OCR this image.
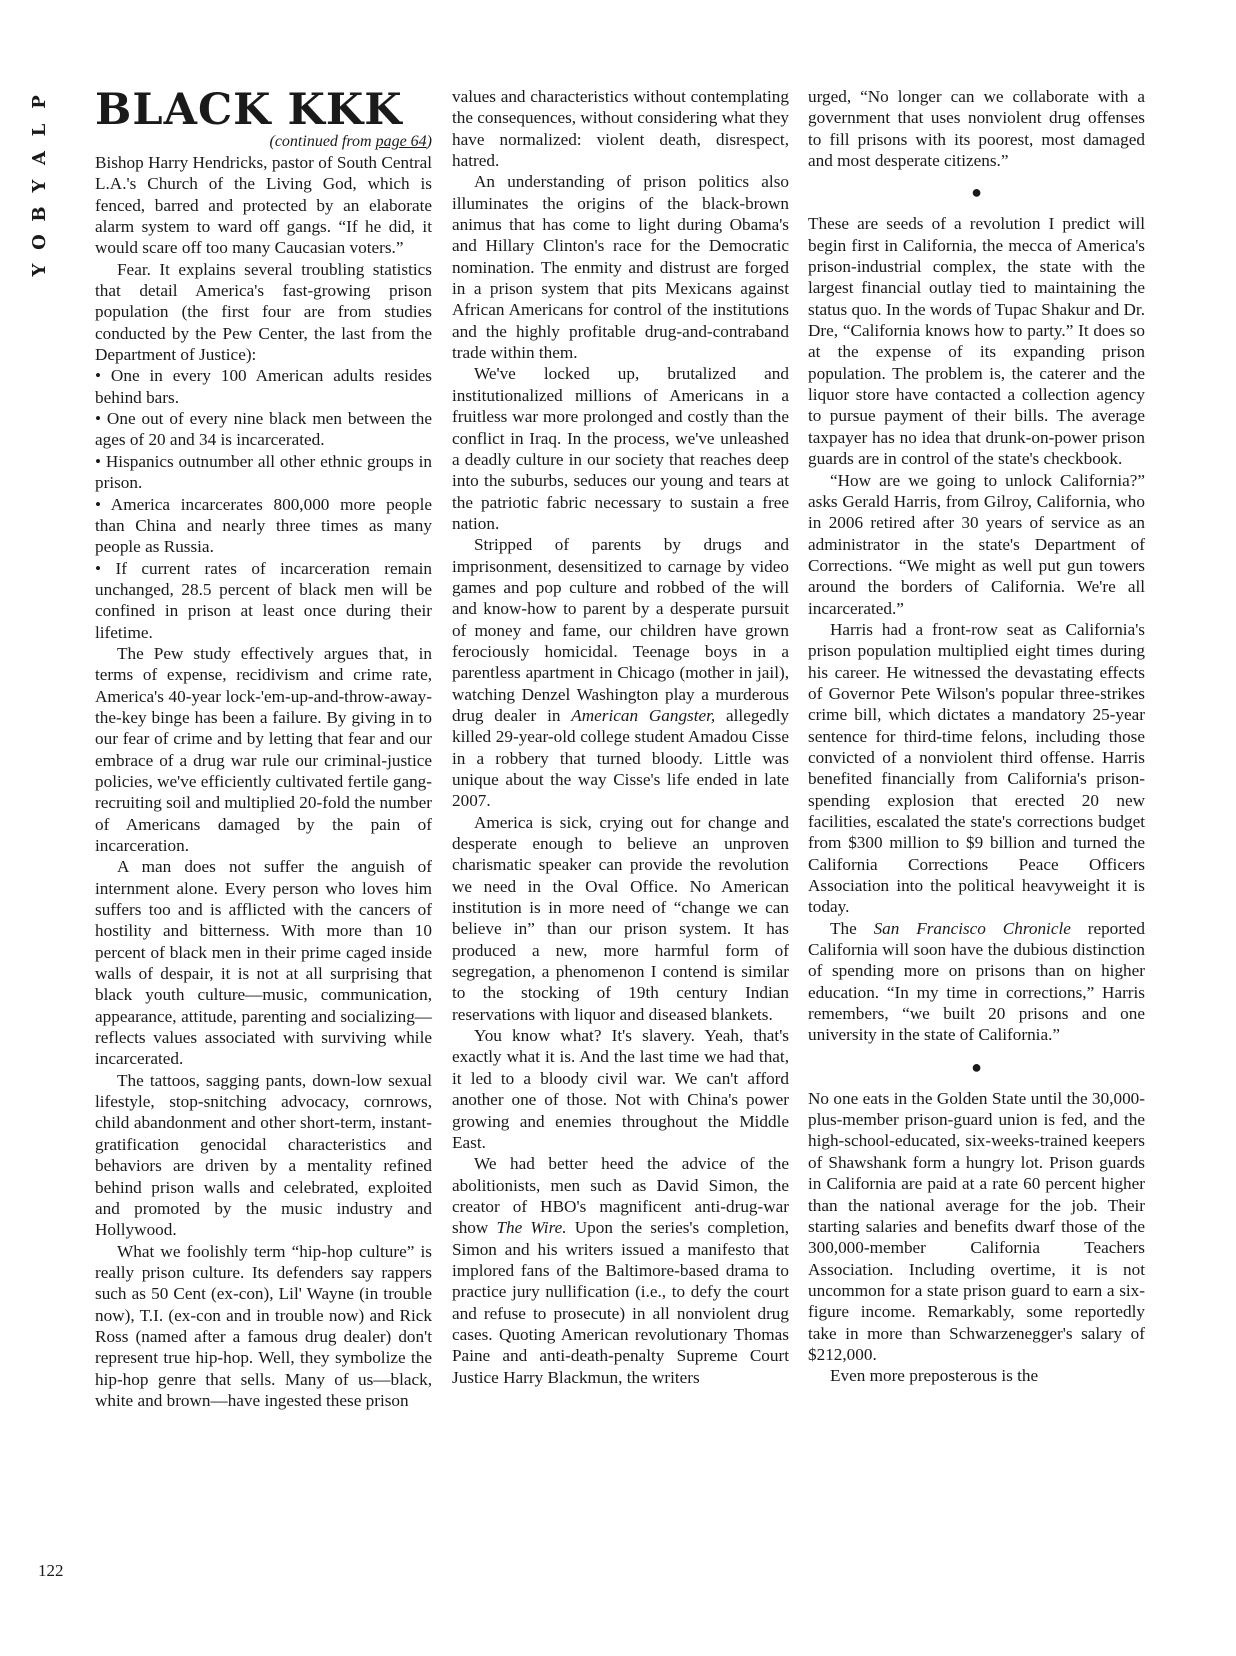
P
L
A
Y
B
O
Y
BLACK KKK
(continued from page 64)

Bishop Harry Hendricks, pastor of South Central L.A.'s Church of the Living God, which is fenced, barred and protected by an elaborate alarm system to ward off gangs. “If he did, it would scare off too many Caucasian voters.”

Fear. It explains several troubling statistics that detail America's fast-growing prison population (the first four are from studies conducted by the Pew Center, the last from the Department of Justice):

• One in every 100 American adults resides behind bars.

• One out of every nine black men between the ages of 20 and 34 is incarcerated.

• Hispanics outnumber all other ethnic groups in prison.

• America incarcerates 800,000 more people than China and nearly three times as many people as Russia.

• If current rates of incarceration remain unchanged, 28.5 percent of black men will be confined in prison at least once during their lifetime.

The Pew study effectively argues that, in terms of expense, recidivism and crime rate, America's 40-year lock-'em-up-and-throw-away-the-key binge has been a failure. By giving in to our fear of crime and by letting that fear and our embrace of a drug war rule our criminal-justice policies, we've efficiently cultivated fertile gang-recruiting soil and multiplied 20-fold the number of Americans damaged by the pain of incarceration.

A man does not suffer the anguish of internment alone. Every person who loves him suffers too and is afflicted with the cancers of hostility and bitterness. With more than 10 percent of black men in their prime caged inside walls of despair, it is not at all surprising that black youth culture—music, communication, appearance, attitude, parenting and socializing—reflects values associated with surviving while incarcerated.

The tattoos, sagging pants, down-low sexual lifestyle, stop-snitching advocacy, cornrows, child abandonment and other short-term, instant-gratification genocidal characteristics and behaviors are driven by a mentality refined behind prison walls and celebrated, exploited and promoted by the music industry and Hollywood.

What we foolishly term “hip-hop culture” is really prison culture. Its defenders say rappers such as 50 Cent (ex-con), Lil' Wayne (in trouble now), T.I. (ex-con and in trouble now) and Rick Ross (named after a famous drug dealer) don't represent true hip-hop. Well, they symbolize the hip-hop genre that sells. Many of us—black, white and brown—have ingested these prison

values and characteristics without contemplating the consequences, without considering what they have normalized: violent death, disrespect, hatred.

An understanding of prison politics also illuminates the origins of the black-brown animus that has come to light during Obama's and Hillary Clinton's race for the Democratic nomination. The enmity and distrust are forged in a prison system that pits Mexicans against African Americans for control of the institutions and the highly profitable drug-and-contraband trade within them.

We've locked up, brutalized and institutionalized millions of Americans in a fruitless war more prolonged and costly than the conflict in Iraq. In the process, we've unleashed a deadly culture in our society that reaches deep into the suburbs, seduces our young and tears at the patriotic fabric necessary to sustain a free nation.

Stripped of parents by drugs and imprisonment, desensitized to carnage by video games and pop culture and robbed of the will and know-how to parent by a desperate pursuit of money and fame, our children have grown ferociously homicidal. Teenage boys in a parentless apartment in Chicago (mother in jail), watching Denzel Washington play a murderous drug dealer in American Gangster, allegedly killed 29-year-old college student Amadou Cisse in a robbery that turned bloody. Little was unique about the way Cisse's life ended in late 2007.

America is sick, crying out for change and desperate enough to believe an unproven charismatic speaker can provide the revolution we need in the Oval Office. No American institution is in more need of “change we can believe in” than our prison system. It has produced a new, more harmful form of segregation, a phenomenon I contend is similar to the stocking of 19th century Indian reservations with liquor and diseased blankets.

You know what? It's slavery. Yeah, that's exactly what it is. And the last time we had that, it led to a bloody civil war. We can't afford another one of those. Not with China's power growing and enemies throughout the Middle East.

We had better heed the advice of the abolitionists, men such as David Simon, the creator of HBO's magnificent anti-drug-war show The Wire. Upon the series's completion, Simon and his writers issued a manifesto that implored fans of the Baltimore-based drama to practice jury nullification (i.e., to defy the court and refuse to prosecute) in all nonviolent drug cases. Quoting American revolutionary Thomas Paine and anti-death-penalty Supreme Court Justice Harry Blackmun, the writers

urged, “No longer can we collaborate with a government that uses nonviolent drug offenses to fill prisons with its poorest, most damaged and most desperate citizens.”

●

These are seeds of a revolution I predict will begin first in California, the mecca of America's prison-industrial complex, the state with the largest financial outlay tied to maintaining the status quo. In the words of Tupac Shakur and Dr. Dre, “California knows how to party.” It does so at the expense of its expanding prison population. The problem is, the caterer and the liquor store have contacted a collection agency to pursue payment of their bills. The average taxpayer has no idea that drunk-on-power prison guards are in control of the state's checkbook.

“How are we going to unlock California?” asks Gerald Harris, from Gilroy, California, who in 2006 retired after 30 years of service as an administrator in the state's Department of Corrections. “We might as well put gun towers around the borders of California. We're all incarcerated.”

Harris had a front-row seat as California's prison population multiplied eight times during his career. He witnessed the devastating effects of Governor Pete Wilson's popular three-strikes crime bill, which dictates a mandatory 25-year sentence for third-time felons, including those convicted of a nonviolent third offense. Harris benefited financially from California's prison-spending explosion that erected 20 new facilities, escalated the state's corrections budget from $300 million to $9 billion and turned the California Corrections Peace Officers Association into the political heavyweight it is today.

The San Francisco Chronicle reported California will soon have the dubious distinction of spending more on prisons than on higher education. “In my time in corrections,” Harris remembers, “we built 20 prisons and one university in the state of California.”

●

No one eats in the Golden State until the 30,000-plus-member prison-guard union is fed, and the high-school-educated, six-weeks-trained keepers of Shawshank form a hungry lot. Prison guards in California are paid at a rate 60 percent higher than the national average for the job. Their starting salaries and benefits dwarf those of the 300,000-member California Teachers Association. Including overtime, it is not uncommon for a state prison guard to earn a six-figure income. Remarkably, some reportedly take in more than Schwarzenegger's salary of $212,000.

Even more preposterous is the

122
